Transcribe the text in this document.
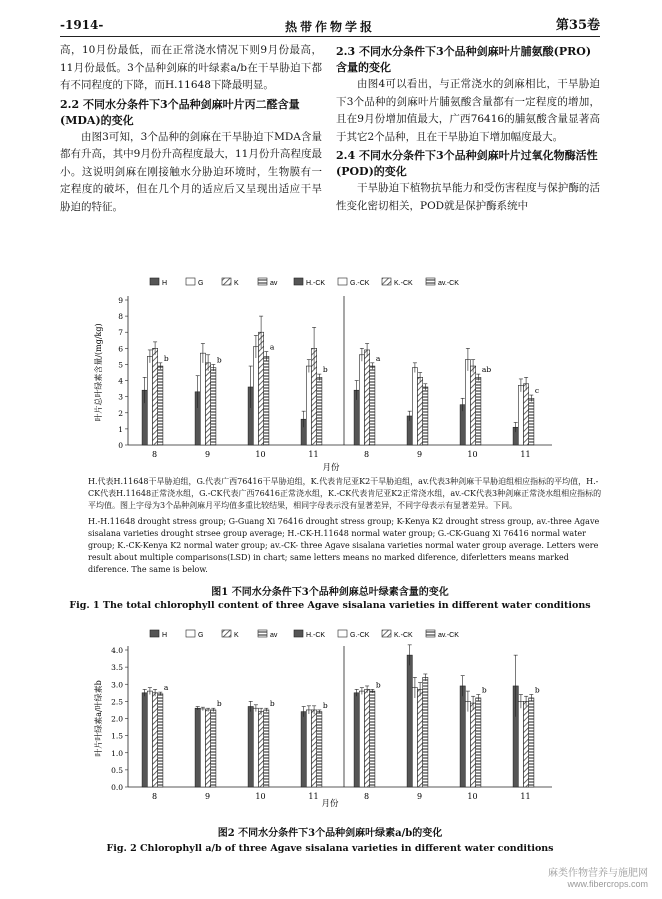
-1914-	热带作物学报	第35卷

高，10月份最低，而在正常浇水情况下则9月份最高，11月份最低。3个品种剑麻的叶绿素a/b在干旱胁迫下都有不同程度的下降，而H.11648下降最明显。

2.2 不同水分条件下3个品种剑麻叶片丙二醛含量(MDA)的变化

由图3可知，3个品种的剑麻在干旱胁迫下MDA含量都有升高，其中9月份升高程度最大，11月份升高程度最小。这说明剑麻在刚接触水分胁迫环境时，生物膜有一定程度的破坏，但在几个月的适应后又呈现出适应干旱胁迫的特征。

2.3 不同水分条件下3个品种剑麻叶片脯氨酸(PRO)含量的变化

由图4可以看出，与正常浇水的剑麻相比，干旱胁迫下3个品种的剑麻叶片脯氨酸含量都有一定程度的增加，且在9月份增加值最大，广西76416的脯氨酸含量显著高于其它2个品种，且在干旱胁迫下增加幅度最大。

2.4 不同水分条件下3个品种剑麻叶片过氧化物酶活性(POD)的变化

干旱胁迫下植物抗旱能力和受伤害程度与保护酶的活性变化密切相关，POD就是保护酶系统中

H	G	K	av	H.-CK	G.-CK	K.-CK	av.-CK
0
1
2
3
4
5
6
7
8
9
叶片总叶绿素含量/(mg/kg)	b
8
b
9
a
10
b
11
a
8	9
ab
10
c
11
月份

H.代表H.11648干旱胁迫组，G.代表广西76416干旱胁迫组，K.代表肯尼亚K2干旱胁迫组，av.代表3种剑麻干旱胁迫组相应指标的平均值，H.-CK代表H.11648正常浇水组，G.-CK代表广西76416正常浇水组，K.-CK代表肯尼亚K2正常浇水组，av.-CK代表3种剑麻正常浇水组相应指标的平均值。图上字母为3个品种剑麻月平均值多重比较结果，相同字母表示没有显著差异，不同字母表示有显著差异。下同。

H.-H.11648 drought stress group; G-Guang Xi 76416 drought stress group; K-Kenya K2 drought stress group, av.-three Agave sisalana varieties drought strsee group average; H.-CK-H.11648 normal water group; G.-CK-Guang Xi 76416 normal water group; K.-CK-Kenya K2 normal water group; av.-CK- three Agave sisalana varieties normal water group average. Letters were result about multiple comparisons(LSD) in chart; same letters means no marked diference, diferletters means marked diference. The same is below.

图1 不同水分条件下3个品种剑麻总叶绿素含量的变化
Fig. 1 The total chlorophyll content of three Agave sisalana varieties in different water conditions
H	G	K	av	H.-CK	G.-CK	K.-CK	av.-CK
0.0
0.5
1.0
1.5
2.0
2.5
3.0
3.5
4.0
叶片叶绿素a/叶绿素b	a
8
b
9
b
10
b
11
b
8	9
b
10
b
11
月份
图2 不同水分条件下3个品种剑麻叶绿素a/b的变化
Fig. 2 Chlorophyll a/b of three Agave sisalana varieties in different water conditions
麻类作物营养与施肥网
www.fibercrops.com
